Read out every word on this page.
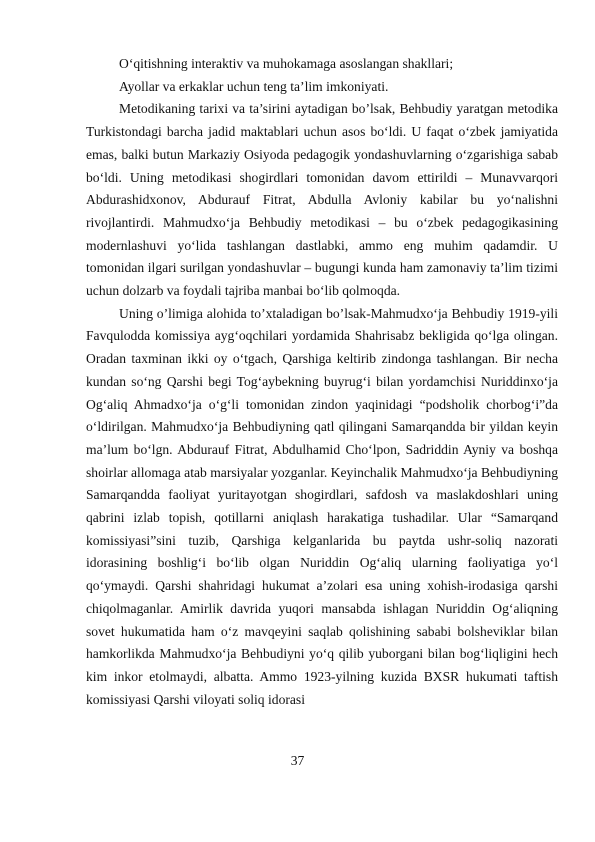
O‘qitishning interaktiv va muhokamaga asoslangan shakllari;

Ayollar va erkaklar uchun teng ta’lim imkoniyati.

Metodikaning tarixi va ta’sirini aytadigan bo’lsak, Behbudiy yaratgan metodika Turkistondagi barcha jadid maktablari uchun asos bo‘ldi. U faqat o‘zbek jamiyatida emas, balki butun Markaziy Osiyoda pedagogik yondashuvlarning o‘zgarishiga sabab bo‘ldi. Uning metodikasi shogirdlari tomonidan davom ettirildi – Munavvarqori Abdurashidxonov, Abdurauf Fitrat, Abdulla Avloniy kabilar bu yo‘nalishni rivojlantirdi. Mahmudxo‘ja Behbudiy metodikasi – bu o‘zbek pedagogikasining modernlashuvi yo‘lida tashlangan dastlabki, ammo eng muhim qadamdir. U tomonidan ilgari surilgan yondashuvlar – bugungi kunda ham zamonaviy ta’lim tizimi uchun dolzarb va foydali tajriba manbai bo‘lib qolmoqda.

Uning o’limiga alohida to’xtaladigan bo’lsak-Mahmudxo‘ja Behbudiy 1919-yili Favqulodda komissiya ayg‘oqchilari yordamida Shahrisabz bekligida qo‘lga olingan. Oradan taxminan ikki oy o‘tgach, Qarshiga keltirib zindonga tashlangan. Bir necha kundan so‘ng Qarshi begi Tog‘aybekning buyrug‘i bilan yordamchisi Nuriddinxo‘ja Og‘aliq Ahmadxo‘ja o‘g‘li tomonidan zindon yaqinidagi “podsholik chorbog‘i”da o‘ldirilgan. Mahmudxo‘ja Behbudiyning qatl qilingani Samarqandda bir yildan keyin ma’lum bo‘lgn. Abdurauf Fitrat, Abdulhamid Cho‘lpon, Sadriddin Ayniy va boshqa shoirlar allomaga atab marsiyalar yozganlar. Keyinchalik Mahmudxo‘ja Behbudiyning Samarqandda faoliyat yuritayotgan shogirdlari, safdosh va maslakdoshlari uning qabrini izlab topish, qotillarni aniqlash harakatiga tushadilar. Ular “Samarqand komissiyasi”sini tuzib, Qarshiga kelganlarida bu paytda ushr-soliq nazorati idorasining boshlig‘i bo‘lib olgan Nuriddin Og‘aliq ularning faoliyatiga yo‘l qo‘ymaydi. Qarshi shahridagi hukumat a’zolari esa uning xohish-irodasiga qarshi chiqolmaganlar. Amirlik davrida yuqori mansabda ishlagan Nuriddin Og‘aliqning sovet hukumatida ham o‘z mavqeyini saqlab qolishining sababi bolsheviklar bilan hamkorlikda Mahmudxo‘ja Behbudiyni yo‘q qilib yuborgani bilan bog‘liqligini hech kim inkor etolmaydi, albatta. Ammo 1923-yilning kuzida BXSR hukumati taftish komissiyasi Qarshi viloyati soliq idorasi

37
